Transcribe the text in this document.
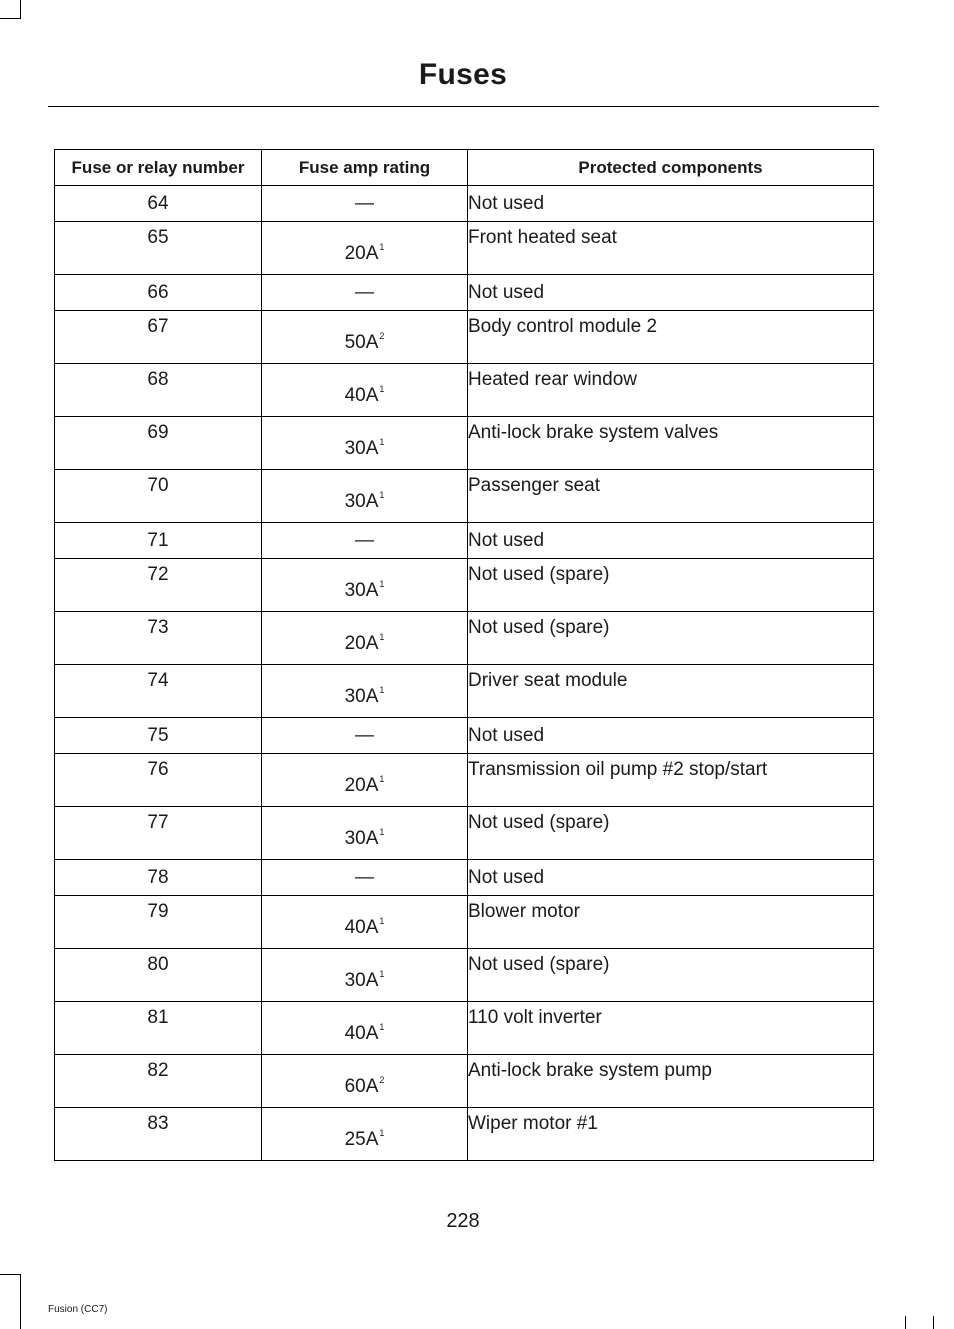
Fuses
Fuse or relay number	Fuse amp rating	Protected components
64	—	Not used
65	$20A^1$	Front heated seat
66	—	Not used
67	$50A^2$	Body control module 2
68	$40A^1$	Heated rear window
69	$30A^1$	Anti-lock brake system valves
70	$30A^1$	Passenger seat
71	—	Not used
72	$30A^1$	Not used (spare)
73	$20A^1$	Not used (spare)
74	$30A^1$	Driver seat module
75	—	Not used
76	$20A^1$	Transmission oil pump #2 stop/start
77	$30A^1$	Not used (spare)
78	—	Not used
79	$40A^1$	Blower motor
80	$30A^1$	Not used (spare)
81	$40A^1$	110 volt inverter
82	$60A^2$	Anti-lock brake system pump
83	$25A^1$	Wiper motor #1
228
Fusion (CC7)
